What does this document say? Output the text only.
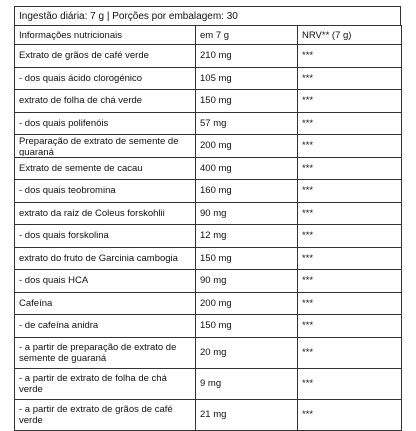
Ingestão diária: 7 g | Porções por embalagem: 30
Informações nutricionais	em 7 g	NRV** (7 g)
Extrato de grãos de café verde	210 mg	***
- dos quais ácido clorogénico	105 mg	***
extrato de folha de chá verde	150 mg	***
- dos quais polifenóis	57 mg	***

Preparação de extrato de semente de guaraná	200 mg	***
Extrato de semente de cacau	400 mg	***
- dos quais teobromina	160 mg	***
extrato da raiz de Coleus forskohlii	90 mg	***
- dos quais forskolina	12 mg	***
extrato do fruto de Garcinia cambogia	150 mg	***
- dos quais HCA	90 mg	***
Cafeína	200 mg	***
- de cafeína anidra	150 mg	***
- a partir de preparação de extrato de semente de guaraná	20 mg	***
- a partir de extrato de folha de chá verde	9 mg	***
- a partir de extrato de grãos de café verde	21 mg	***
